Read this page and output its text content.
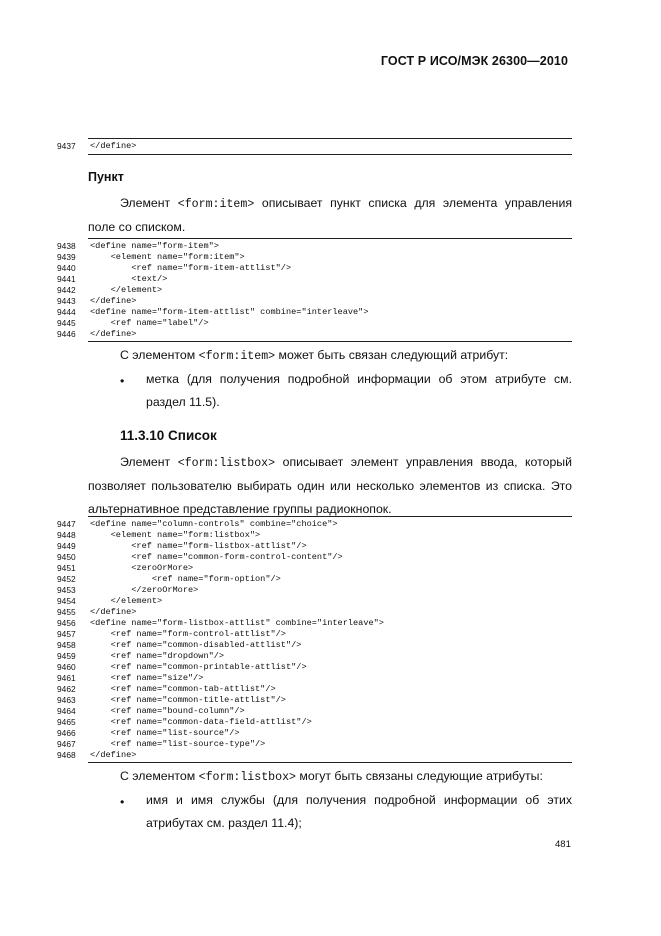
ГОСТ Р ИСО/МЭК 26300—2010
9437	</define>
Пункт
Элемент <form:item> описывает пункт списка для элемента управления поле со списком.
9438	<define name="form-item">
9439	<element name="form:item">
9440	<ref name="form-item-attlist"/>
9441	<text/>
9442	</element>
9443	</define>
9444	<define name="form-item-attlist" combine="interleave">
9445	<ref name="label"/>
9446	</define>
С элементом <form:item> может быть связан следующий атрибут:
• метка (для получения подробной информации об этом атрибуте см. раздел 11.5).
11.3.10 Список
Элемент <form:listbox> описывает элемент управления ввода, который позволяет пользователю выбирать один или несколько элементов из списка. Это альтернативное представление группы радиокнопок.
9447	<define name="column-controls" combine="choice">
9448	<element name="form:listbox">
9449	<ref name="form-listbox-attlist"/>
9450	<ref name="common-form-control-content"/>
9451	<zeroOrMore>
9452	<ref name="form-option"/>
9453	</zeroOrMore>
9454	</element>
9455	</define>
9456	<define name="form-listbox-attlist" combine="interleave">
9457	<ref name="form-control-attlist"/>
9458	<ref name="common-disabled-attlist"/>
9459	<ref name="dropdown"/>
9460	<ref name="common-printable-attlist"/>
9461	<ref name="size"/>
9462	<ref name="common-tab-attlist"/>
9463	<ref name="common-title-attlist"/>
9464	<ref name="bound-column"/>
9465	<ref name="common-data-field-attlist"/>
9466	<ref name="list-source"/>
9467	<ref name="list-source-type"/>
9468	</define>
С элементом <form:listbox> могут быть связаны следующие атрибуты:
• имя и имя службы (для получения подробной информации об этих атрибутах см. раздел 11.4);
481
